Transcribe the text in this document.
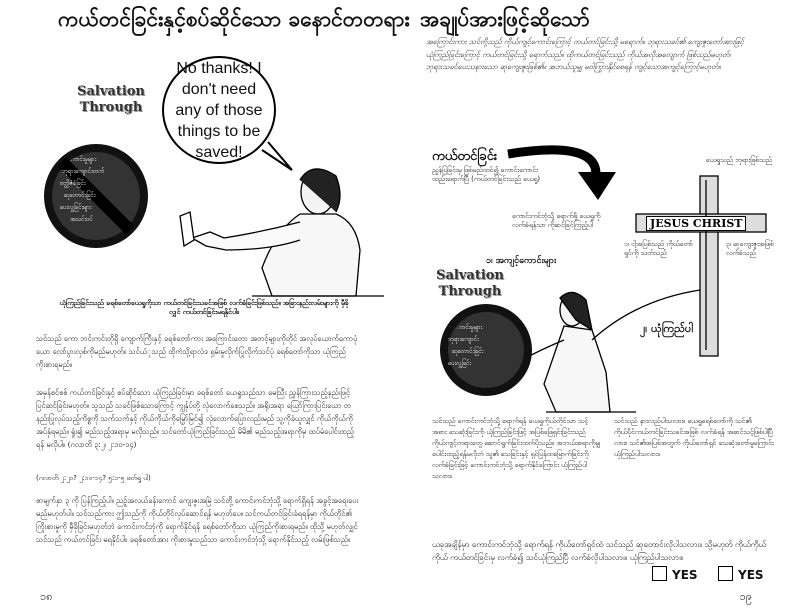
ကယ်တင်ခြင်းနှင့်စပ်ဆိုင်သော ခနောင်တတရား
No thanks! I don't need any of those things to be saved!
Salvation Through
ကောင်းမှုများ
ဘုရားကျောင်းတက်
ဗတ္တိဇံခံခြင်း
ဆုတောင်းခြင်း
ပေးလှူခြင်းများ
အသင်းဝင်
ယုံကြည်ခြင်းသည် ခရစ်တော်ယေရှုကိုသာ ကယ်တင်ခြင်းသခင်အဖြစ် လက်ခံခြင်းဖြစ်သည်။ အခြားနည်းလမ်းများကို မှီခိုလျှင် ကယ်တင်ခြင်းမရနိုင်ပါ။

သင်သည် ကော ဘင်းကင်းတိုရှိ ကျောက်ကြီးနှင့် ခရစ်တော်ကား အကြောင်းတော အတင့်များကိုတိုင် အလုပ်ယောက်ကောပုံယော လော်ပွားလှစ်ကိုမည်မဟုတ်။ သင်ယံုသည် ထိုကဲသို့ရာလံဒ ရှမ်းမှုလိုက်ပြုလိုက်သင်ပုံ ခရစ်တော်ကိုသာ ယုံကြည်ကိုးစားရမည်။

အမှန်စင်စစ် ကယ်တင်ခြင်းနှင့် စပ်ဆိုင်သော ယုံကြည်ခြင်းမှာ ခရစ်တော် ယေရှုသည်သာ မေသြီး ညွှန်ကြားသည့်နည်းဖြင့် ပြင်ဆင်ခြင်းမဟုတ်။ သူသည် သခင်ဖြစ်သောကြောင့် ကျွန်ုပ်တို့ လုံလောက်စေသည်။ အရိုးအရာ ယြော်ကြားပြင်းယော တနည်းပြုလုပ်သည့်ကိစ္စကို သက်သက်နှင့် ကိုယ်ကိုယ်ကိုမြှော်မြင်၍ လုံလောက်ပြောလည်းမည် သူ့ကိုခံယူလျှင် ကိုယ်ကိုယ်ကိုအပ်နှံရမည်။ ရှုံး၍ မည်သည့်အရာမှ မလိုသည်။ သင်တော်ယုံကြည်ခြင်းသည် မိမိ၏ မည်သည့်အရာကိုမှ ထပ်မံပေါင်းထည့်ရန် မလိုပါ။ (ဂလာတိ ၃:၂၊ ၂:၁၀-၁၄)

(ဂလာတိ ၂:၂၁? ၂:၁၀-၁၄? ၅:၁-၅ ဖတ်ရှု ပါ)

စာမျက်နှာ ၃ ကို ပြန်ကြည့်ပါ။ ညဉ့်အလယ်ခန်းကောင် ကျေးဇူးအမြဲ သင်တို့ ကောင်းကင်ဘုံသို့ ရောက်ရှိရန် အခွင့်အရေးပေးမည်မဟုတ်ပါ။ သင်သည်ကား ဤသည်ကို ကိုယ်တိုင်လုပ်ဆောင်ရန် မဟုတ်ပေ။ သင်ကယ်တင်ခြင်းခံရရန်မှာ ကိုယ်တိုင်၏ ကြိုးစားမှုကို မှီခိုခြင်းမဟုတ်ဘဲ ကောင်းကင်ဘုံကို ရောက်နိုင်ရန် ခရစ်တော်ကိုသာ ယုံကြည်ကိုးစားရမည်။ ထိုသို့ မဟုတ်လျှင် သင်သည် ကယ်တင်ခြင်း မရနိုင်ပါ။ ခရစ်တော်အား ကိုးစားမှုသည်သာ ကောင်းကင်ဘုံသို့ ရောက်နိုင်သည့် လမ်းဖြစ်သည်။

၁၈
အချုပ်အားဖြင့်ဆိုသော်

အကြောင်းကား သင်တို့သည် ကိုယ်ကျင့်ကောင်းကြောင့် ကယ်တင်ခြင်းသို့ မရောက်။ ဘုရားသခင်၏ ကျေးဇူးတော်အားဖြင့် ယုံကြည်ခြင်းကြောင့် ကယ်တင်ခြင်းသို့ ရောက်သည်။ ထိုကယ်တင်ခြင်းသည် ကိုယ်အလိုအလျောက် ဖြစ်သည်မဟုတ်၊ ဘုရားသခင်ပေးသနားသော ဆုကျေးဇူးဖြစ်၏။ အဘယ်သူမျှ မဝါကြွားနိုင်စေရန် ကျင့်သောအကျင့်ကြောင့်မဟုတ်။

ကယ်တင်ခြင်း
ညွှန်ပြခြင်းမှ ဖြစ်မည်ထင်၍ ကောင်းကောင်း ထည်းရောက်ပြီ (ကယ်တင်ခြင်းသည် ယေရှု)
ကောင်းကင်ဘုံသို့ ရောက်ဖို့ ယေရှုကို လက်ခံရန်သာ ကိုဆင်ခြင်ကြည့်ပါ
၁၊ အကျင့်ကောင်းများ
Salvation Through
ကောင်းမှုများ
ဘုရားကျောင်း
ဆုတောင်းခြင်း
ပေးလှူခြင်း
JESUS CHRIST
ယေရှုသည် ဘုရားဖြစ်သည်
၁၊ ငါ့အပြစ်သည် ကိုယ်တော်ရှင်ကို သတ်သည်
၃၊ ဆုကျေးဇူးအဖြစ် လက်ခံသည်
၂၊ ယုံကြည်ပါ

သင်သည် ကောင်းကင်ဘုံသို့ ရောက်ရန် ယေရှုကိုယ်တိုင်သာ သင့်အစား သေဆုံးခြင်းကို ယုံကြည်ခြင်းဖြင့် အပြစ်ဖြေရှင်းခြင်းသည် ကိုယ်ကျင့်တရားတွေ ဆောင်ရွက်ခြင်းထက်ပိုသည်။ အဘယ်အရာကိုမျှ ပေါင်းထည့်ရန်မလိုဘဲ သူ၏ သေခြင်းနှင့် ရှင်ပြန်ထမြောက်ခြင်းကို လက်ခံခြင်းဖြင့် ကောင်းကင်ဘုံသို့ ရောက်နိုင်ကြောင်း ယုံကြည်ပါသလား။

သင်သည် နားလည်ပါသလား။ ယေရှုခရစ်တော်ကို သင်၏ ကိုယ်ပိုင်ကယ်တင်ခြင်းသခင်အဖြစ် လက်ခံရန် အဆင်သင့်ဖြစ်ပါပြီလား။ သင်၏အပြစ်အတွက် ကိုယ်တော်ရှင် သေဆုံးတော်မူကြောင်း ယုံကြည်ပါသလား။

ယခုအချိန်မှာ ကောင်းကင်ဘုံသို့ ရောက်ရန် ကိုယ်တော်ရှင်ထံ သင်သည် ဆုတောင်းလိုပါသလား။ သို့မဟုတ် ကိုယ်ကိုယ်ကိုယ် ကယ်တင်ခြင်းမှ လက်ခံ၍ သင်ယုံကြည်ပြီ လက်ခံလိုပါသလား။ ယုံကြည်ပါသလား။

YES	YES
၁၉
